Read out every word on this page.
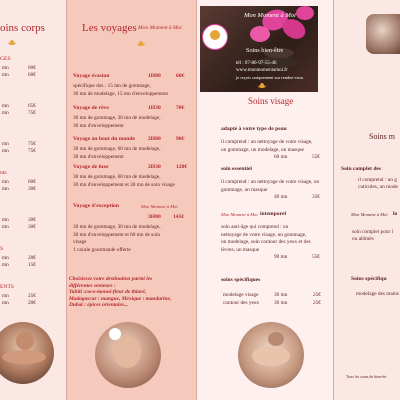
oins corps
GES
mn	60€
mn	60€
mn	65€
mn	75€
mn	75€
mn	75€
nts
mn	60€
mn	30€
mn	30€
mn	30€
S
mn	20€
mn	15€
ENTS
mn	25€
mn	20€
Les voyages Mon Moment à Moi
Voyage évasion	1H00	60€
spécifique dos : 15 mn de gommage,
30 mn de modelage, 15 mn d'enveloppement
Voyage de rêve	1H30	70€
30 mn de gommage, 30 mn de modelage,
30 mn d'enveloppement
Voyage au bout du monde 2H00	90€
30 mn de gommage, 60 mn de modelage,
30 mn d'enveloppement
Voyage de luxe	2H30	120€
30 mn de gommage, 60 mn de modelage,
30 mn d'enveloppement et 30 mn de soin visage
Voyage d'exception	Mon Moment à Moi
3H00 145€
30 mn de gommage, 30 mn de modelage,
30 mn d'enveloppement et 60 mn de soin
visage
1 cacale gourmande offerte
Choisissez votre destination parmi les
différentes senteurs :
Tahiti :coco-monoï-fleur de thiaré,
Madagascar : mangue, Mexique : mandarine,
Dubaï : épices orientales...
Mon Moment à Moi
Soins bien-être
tél : 07-86-97-55-46
www.monmomentamoi.fr
je reçois uniquement sur rendez-vous
Soins visage
adapté à votre type de peau
il comprend : un nettoyage de votre visage,
un gommage, un modelage, un masque
60 mn	55€
soin essentiel
il comprend : un nettoyage de votre visage, un
gommage, un masque
40 mn	35€
Mon Moment à Moi intemporel
soin anti-âge qui comprend : un
nettoyage de votre visage, un gommage,
un modelage, soin contour des yeux et des
lèvres, un masque
90 mn	55€
soins spécifiques
modelage visage	30 mn	25€
contour des yeux	30 mn	25€
Soins m
Soin complet des
il comprend : un g
cuticules, un mode
Mon Moment à Moi lo
soin complet pour l
ou abîmés
Soins spécifiqu
modelage des mains
Tous les soins de bien-êtr
